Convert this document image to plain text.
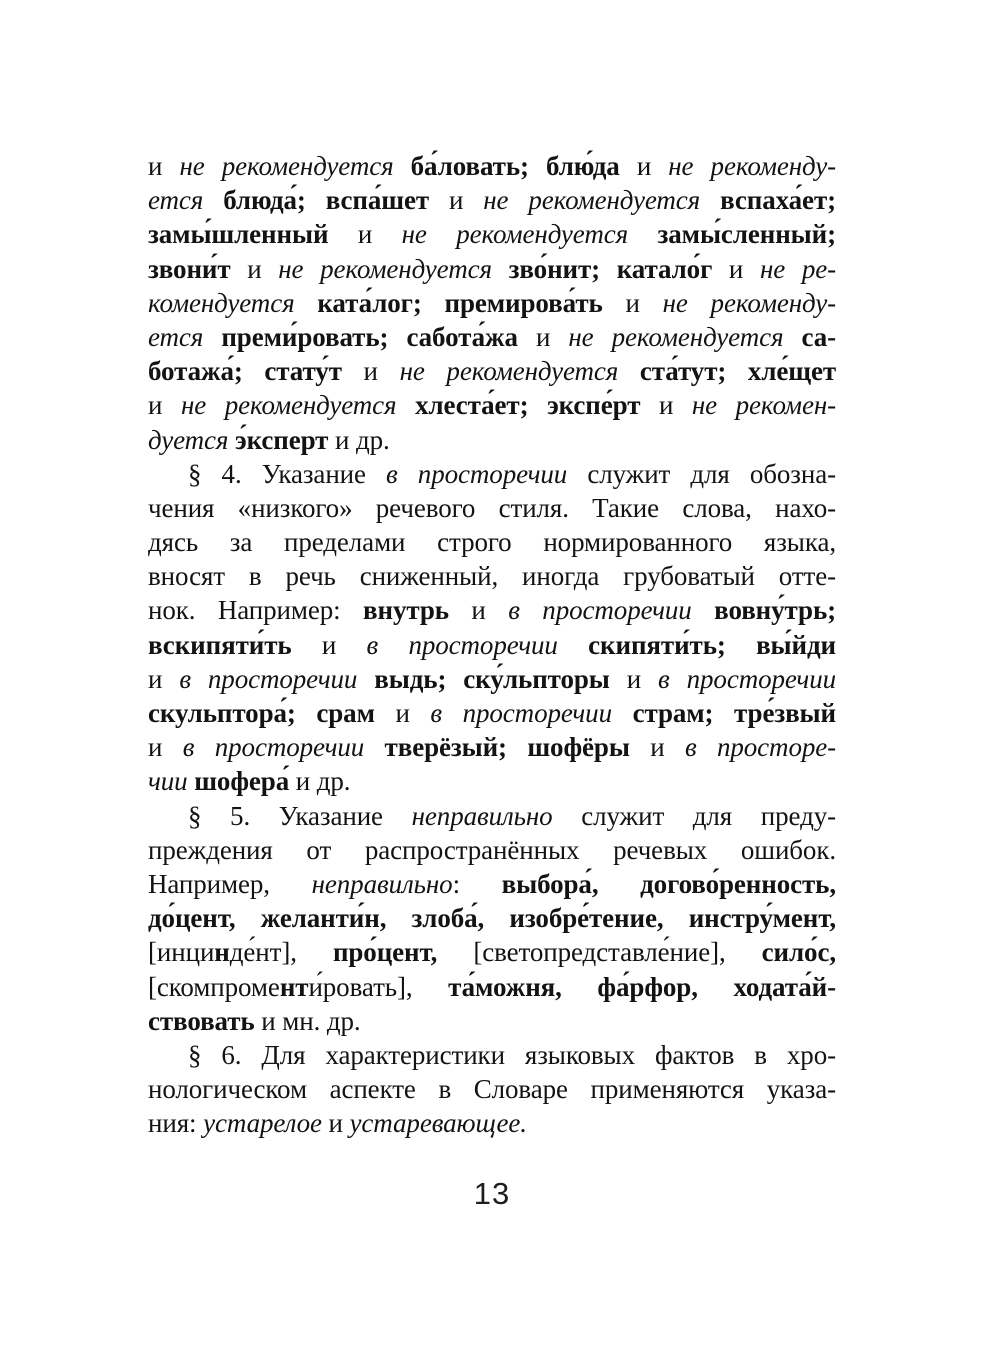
и не рекомендуется ба́ловать; блю́да и не рекоменду-
ется блюда́; вспа́шет и не рекомендуется вспаха́ет;
замы́шленный и не рекомендуется замы́сленный;
звони́т и не рекомендуется зво́нит; катало́г и не ре-
комендуется ката́лог; премирова́ть и не рекоменду-
ется преми́ровать; сабота́жа и не рекомендуется са-
ботажа́; стату́т и не рекомендуется ста́тут; хле́щет
и не рекомендуется хлеста́ет; экспе́рт и не рекомен-
дуется э́ксперт и др.
§ 4. Указание в просторечии служит для обозна-
чения «низкого» речевого стиля. Такие слова, нахо-
дясь за пределами строго нормированного языка,
вносят в речь сниженный, иногда грубоватый отте-
нок. Например: внутрь и в просторечии вовну́трь;
вскипяти́ть и в просторечии скипяти́ть; вы́йди
и в просторечии выдь; ску́льпторы и в просторечии
скульптора́; срам и в просторечии страм; тре́звый
и в просторечии тверёзый; шофёры и в просторе-
чии шофера́ и др.
§ 5. Указание неправильно служит для преду-
преждения от распространённых речевых ошибок.
Например, неправильно: выбора́, догово́ренность,
до́цент, желанти́н, злоба́, изобре́тение, инстру́мент,
[инцинде́нт], про́цент, [светопредставле́ние], сило́с,
[скомпроменти́ровать], та́можня, фа́рфор, ходата́й-
ствовать и мн. др.
§ 6. Для характеристики языковых фактов в хро-
нологическом аспекте в Словаре применяются указа-
ния: устарелое и устаревающее.
13
